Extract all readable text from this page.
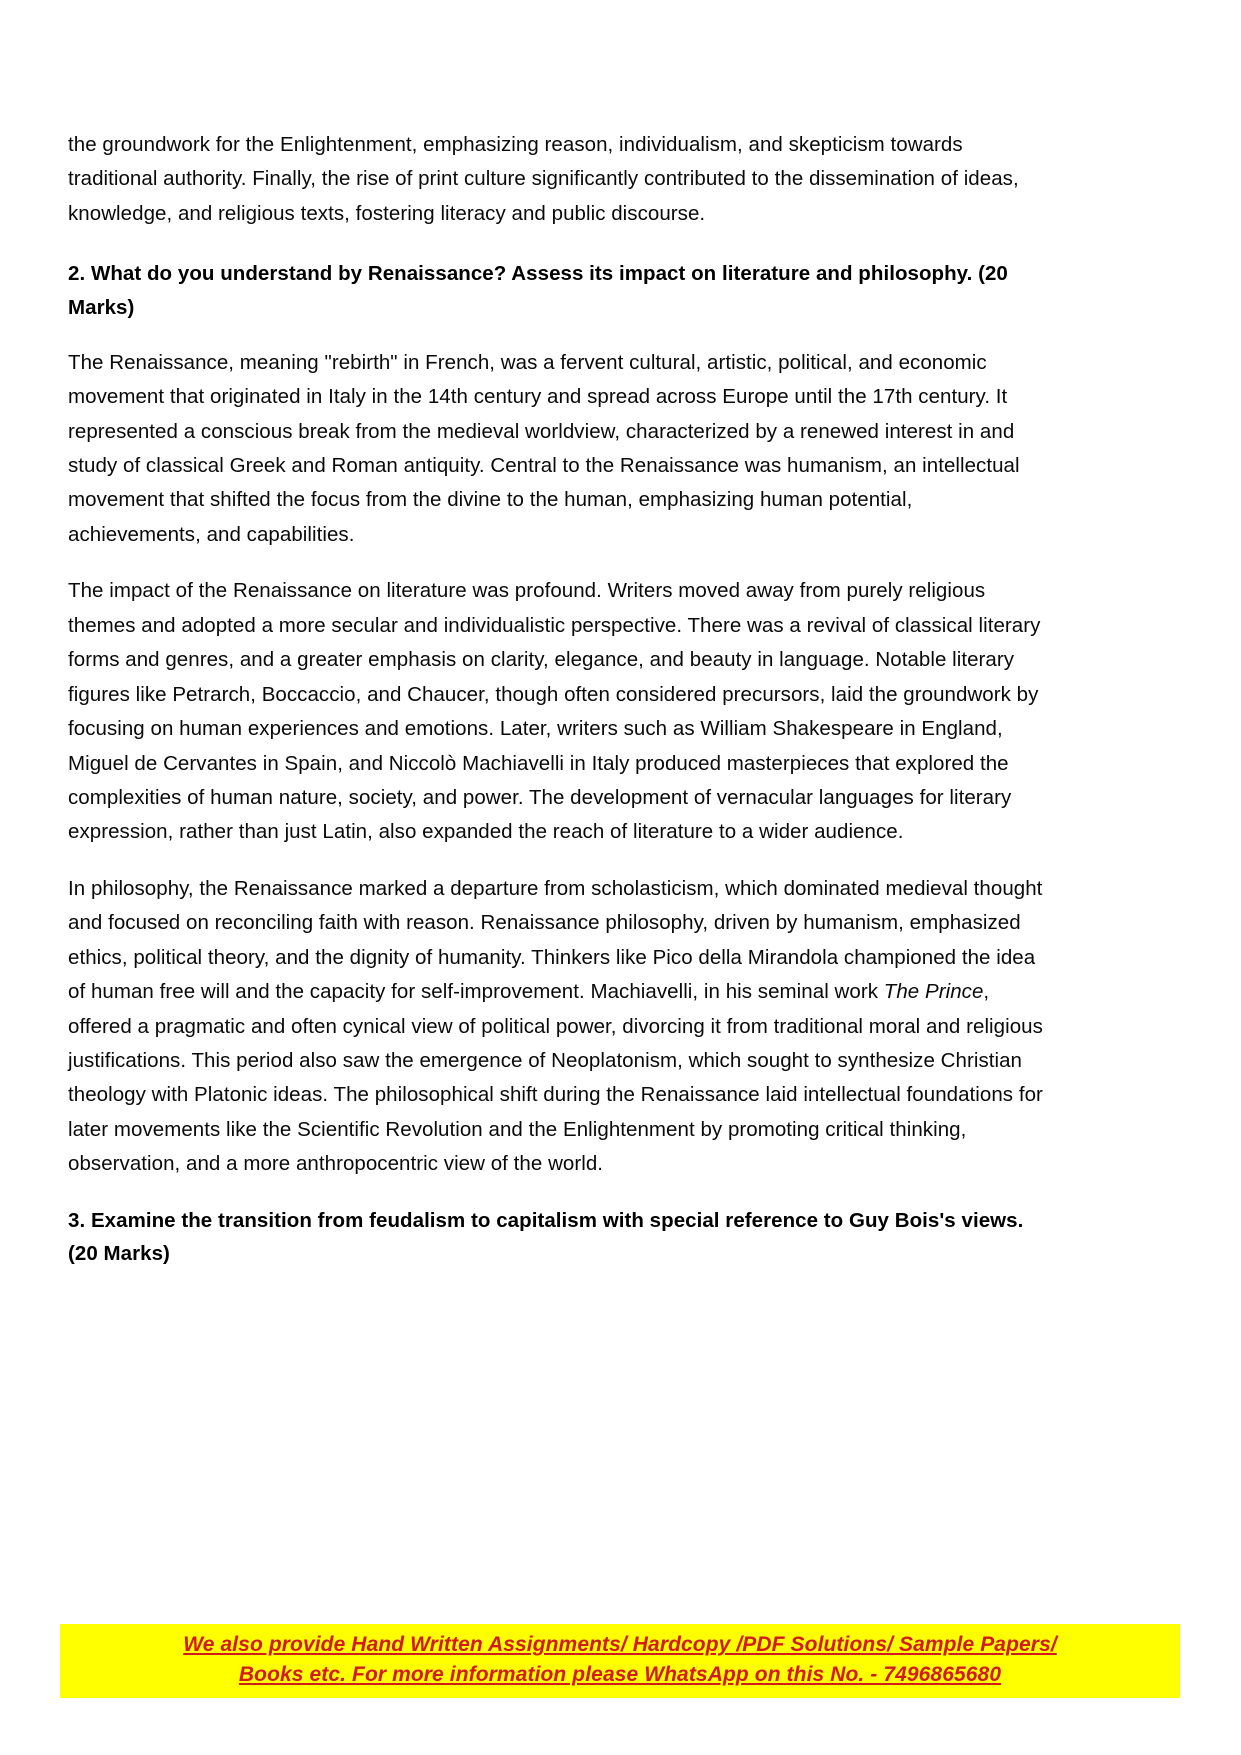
the groundwork for the Enlightenment, emphasizing reason, individualism, and skepticism towards traditional authority. Finally, the rise of print culture significantly contributed to the dissemination of ideas, knowledge, and religious texts, fostering literacy and public discourse.

2. What do you understand by Renaissance? Assess its impact on literature and philosophy. (20 Marks)

The Renaissance, meaning "rebirth" in French, was a fervent cultural, artistic, political, and economic movement that originated in Italy in the 14th century and spread across Europe until the 17th century. It represented a conscious break from the medieval worldview, characterized by a renewed interest in and study of classical Greek and Roman antiquity. Central to the Renaissance was humanism, an intellectual movement that shifted the focus from the divine to the human, emphasizing human potential, achievements, and capabilities.

The impact of the Renaissance on literature was profound. Writers moved away from purely religious themes and adopted a more secular and individualistic perspective. There was a revival of classical literary forms and genres, and a greater emphasis on clarity, elegance, and beauty in language. Notable literary figures like Petrarch, Boccaccio, and Chaucer, though often considered precursors, laid the groundwork by focusing on human experiences and emotions. Later, writers such as William Shakespeare in England, Miguel de Cervantes in Spain, and Niccolò Machiavelli in Italy produced masterpieces that explored the complexities of human nature, society, and power. The development of vernacular languages for literary expression, rather than just Latin, also expanded the reach of literature to a wider audience.

In philosophy, the Renaissance marked a departure from scholasticism, which dominated medieval thought and focused on reconciling faith with reason. Renaissance philosophy, driven by humanism, emphasized ethics, political theory, and the dignity of humanity. Thinkers like Pico della Mirandola championed the idea of human free will and the capacity for self-improvement. Machiavelli, in his seminal work The Prince, offered a pragmatic and often cynical view of political power, divorcing it from traditional moral and religious justifications. This period also saw the emergence of Neoplatonism, which sought to synthesize Christian theology with Platonic ideas. The philosophical shift during the Renaissance laid intellectual foundations for later movements like the Scientific Revolution and the Enlightenment by promoting critical thinking, observation, and a more anthropocentric view of the world.

3. Examine the transition from feudalism to capitalism with special reference to Guy Bois's views. (20 Marks)

We also provide Hand Written Assignments/ Hardcopy /PDF Solutions/ Sample Papers/
Books etc. For more information please WhatsApp on this No. - 7496865680
